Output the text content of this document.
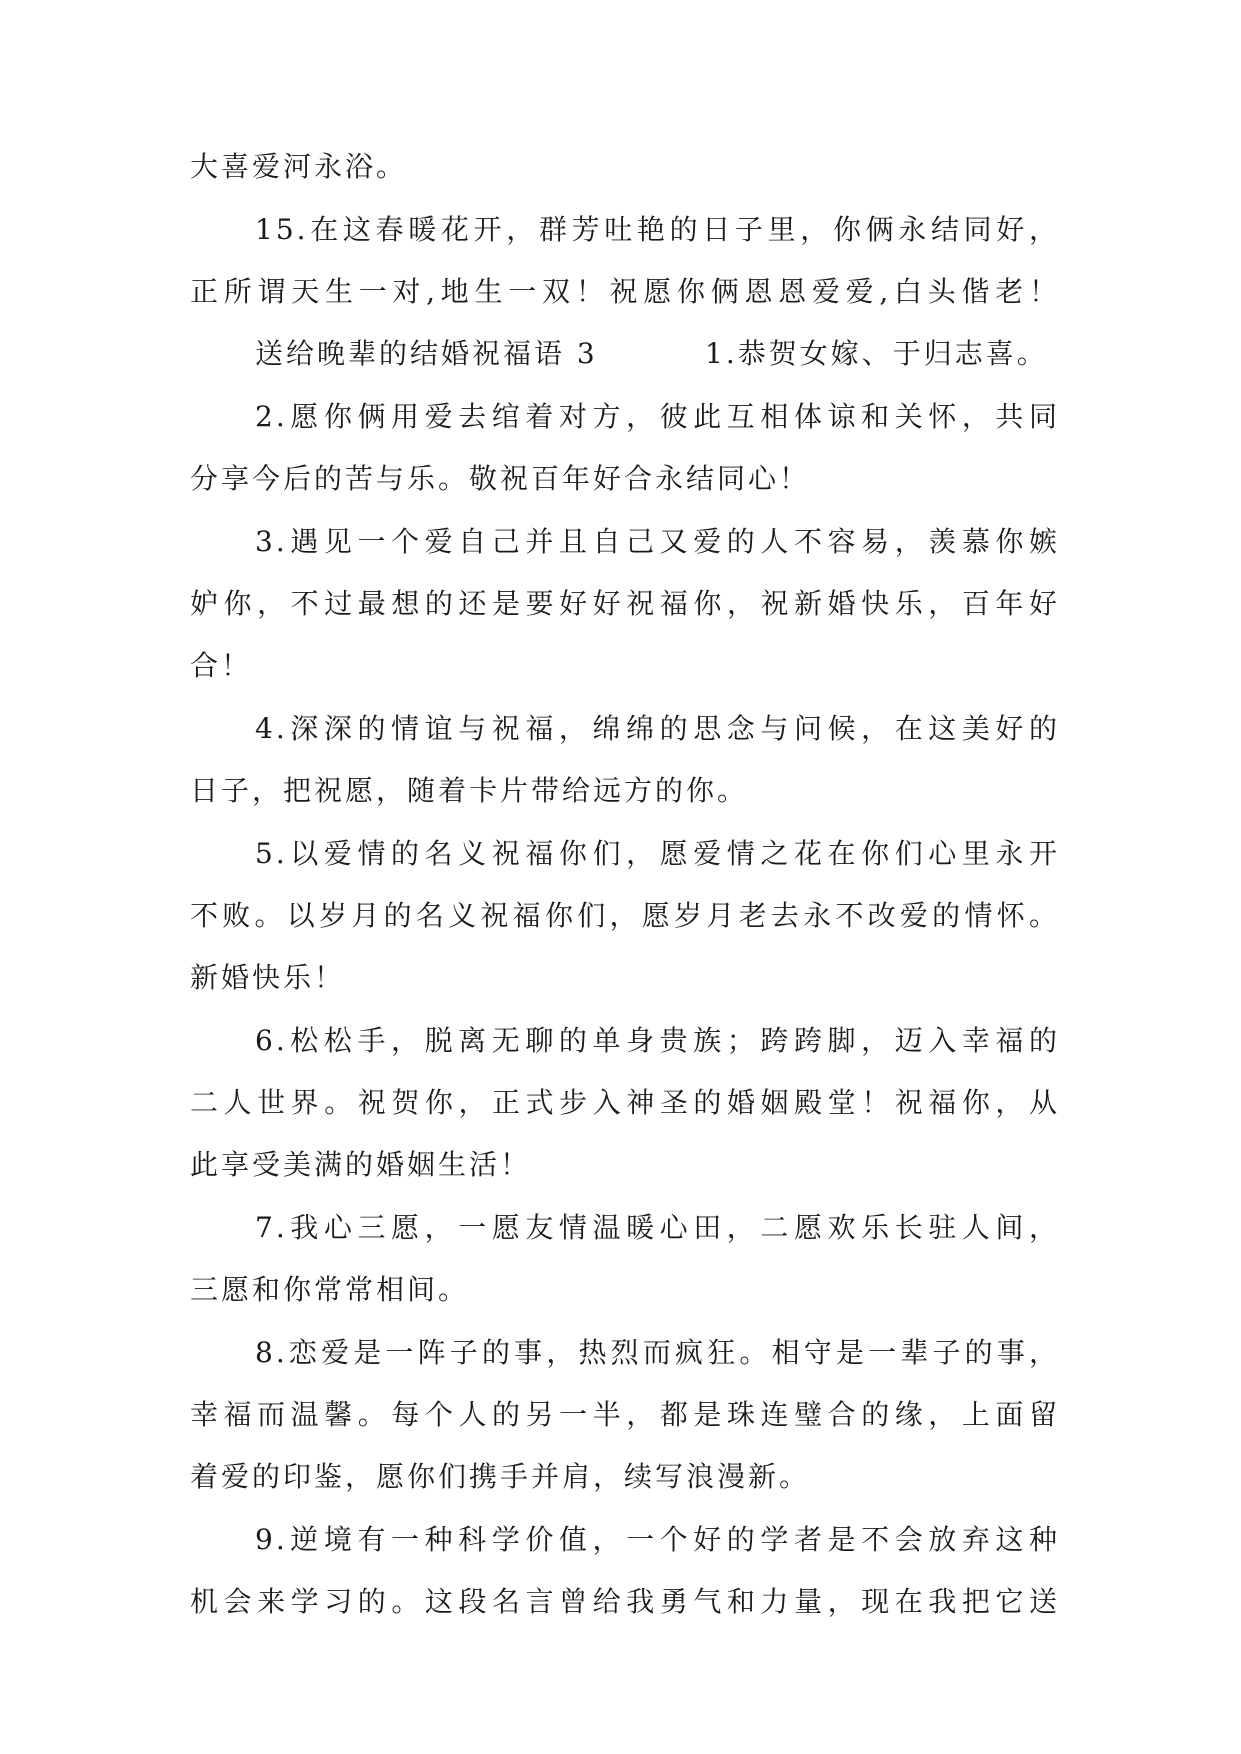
大喜爱河永浴。
15.在这春暖花开，群芳吐艳的日子里，你俩永结同好，
正所谓天生一对,地生一双！祝愿你俩恩恩爱爱,白头偕老！
送给晚辈的结婚祝福语 3	1.恭贺女嫁、于归志喜。
2.愿你俩用爱去绾着对方，彼此互相体谅和关怀，共同
分享今后的苦与乐。敬祝百年好合永结同心！
3.遇见一个爱自己并且自己又爱的人不容易，羡慕你嫉
妒你，不过最想的还是要好好祝福你，祝新婚快乐，百年好
合！
4.深深的情谊与祝福，绵绵的思念与问候，在这美好的
日子，把祝愿，随着卡片带给远方的你。
5.以爱情的名义祝福你们，愿爱情之花在你们心里永开
不败。以岁月的名义祝福你们，愿岁月老去永不改爱的情怀。
新婚快乐！
6.松松手，脱离无聊的单身贵族；跨跨脚，迈入幸福的
二人世界。祝贺你，正式步入神圣的婚姻殿堂！祝福你，从
此享受美满的婚姻生活！
7.我心三愿，一愿友情温暖心田，二愿欢乐长驻人间，
三愿和你常常相间。
8.恋爱是一阵子的事，热烈而疯狂。相守是一辈子的事，
幸福而温馨。每个人的另一半，都是珠连璧合的缘，上面留
着爱的印鉴，愿你们携手并肩，续写浪漫新。
9.逆境有一种科学价值，一个好的学者是不会放弃这种
机会来学习的。这段名言曾给我勇气和力量，现在我把它送
